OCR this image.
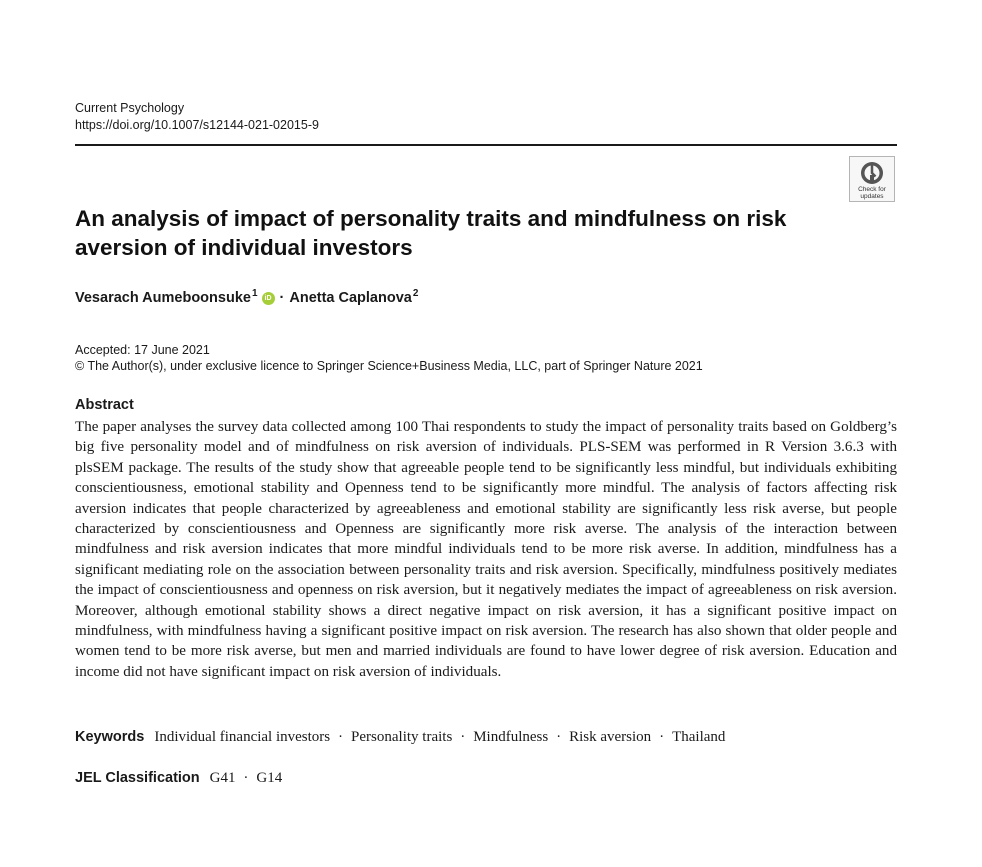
Current Psychology
https://doi.org/10.1007/s12144-021-02015-9
Check for
updates
An analysis of impact of personality traits and mindfulness on risk aversion of individual investors
Vesarach Aumeboonsuke$^1$	iD · Anetta Caplanova$^2$
Accepted: 17 June 2021
© The Author(s), under exclusive licence to Springer Science+Business Media, LLC, part of Springer Nature 2021
Abstract

The paper analyses the survey data collected among 100 Thai respondents to study the impact of personality traits based on Goldberg’s big five personality model and of mindfulness on risk aversion of individuals. PLS-SEM was performed in R Version 3.6.3 with plsSEM package. The results of the study show that agreeable people tend to be significantly less mindful, but individuals exhibiting conscientiousness, emotional stability and Openness tend to be significantly more mindful. The analysis of factors affecting risk aversion indicates that people characterized by agreeableness and emotional stability are significantly less risk averse, but people characterized by conscientiousness and Openness are significantly more risk averse. The analysis of the interaction between mindfulness and risk aversion indicates that more mindful individuals tend to be more risk averse. In addition, mindfulness has a significant mediating role on the association between personality traits and risk aversion. Specifically, mindfulness positively mediates the impact of conscientiousness and openness on risk aversion, but it negatively mediates the impact of agreeableness on risk aversion. Moreover, although emotional stability shows a direct negative impact on risk aversion, it has a significant positive impact on mindfulness, with mindfulness having a significant positive impact on risk aversion. The research has also shown that older people and women tend to be more risk averse, but men and married individuals are found to have lower degree of risk aversion. Education and income did not have significant impact on risk aversion of individuals.

Keywords Individual financial investors · Personality traits · Mindfulness · Risk aversion · Thailand
JEL Classification G41 · G14
